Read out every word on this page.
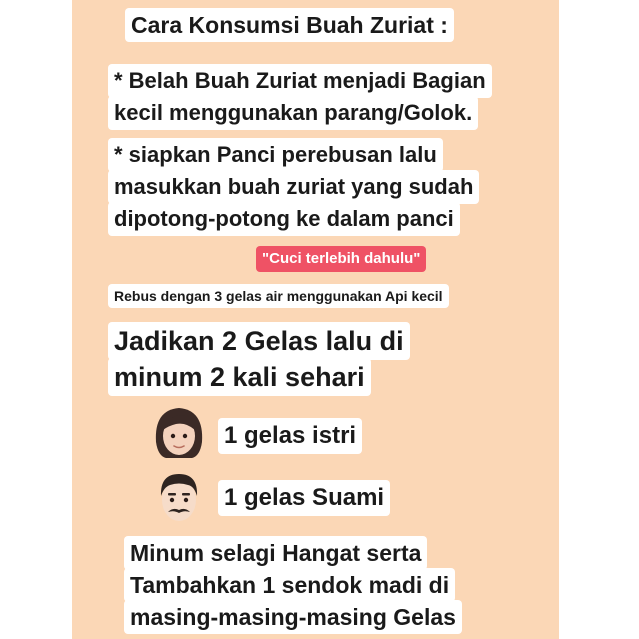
Cara Konsumsi Buah Zuriat :
* Belah Buah Zuriat menjadi Bagian
kecil menggunakan parang/Golok.
* siapkan Panci perebusan lalu
masukkan buah zuriat yang sudah
dipotong-potong ke dalam panci
"Cuci terlebih dahulu"
Rebus dengan 3 gelas air menggunakan Api kecil
Jadikan 2 Gelas lalu di
minum 2 kali sehari
1 gelas istri
1 gelas Suami
Minum selagi Hangat serta
Tambahkan 1 sendok madi di
masing-masing-masing Gelas
